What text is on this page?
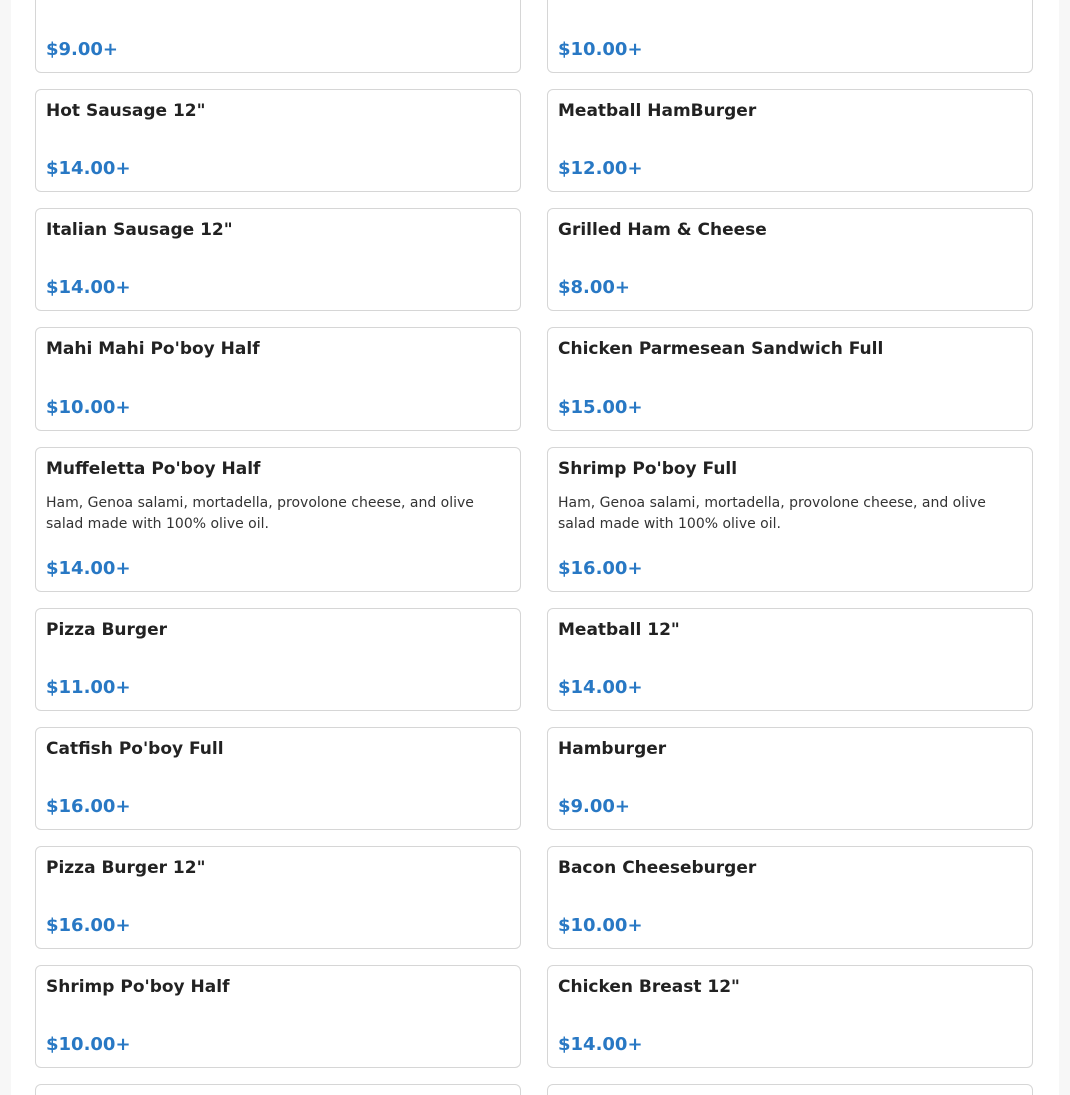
$9.00+	$10.00+
Hot Sausage 12"
$14.00+
Meatball HamBurger
$12.00+
Italian Sausage 12"
$14.00+
Grilled Ham & Cheese
$8.00+
Mahi Mahi Po'boy Half
$10.00+
Chicken Parmesean Sandwich Full
$15.00+
Muffeletta Po'boy Half
Ham, Genoa salami, mortadella, provolone cheese, and olive salad made with 100% olive oil.
$14.00+
Shrimp Po'boy Full
Ham, Genoa salami, mortadella, provolone cheese, and olive salad made with 100% olive oil.
$16.00+
Pizza Burger
$11.00+
Meatball 12"
$14.00+
Catfish Po'boy Full
$16.00+
Hamburger
$9.00+
Pizza Burger 12"
$16.00+
Bacon Cheeseburger
$10.00+
Shrimp Po'boy Half
$10.00+
Chicken Breast 12"
$14.00+
